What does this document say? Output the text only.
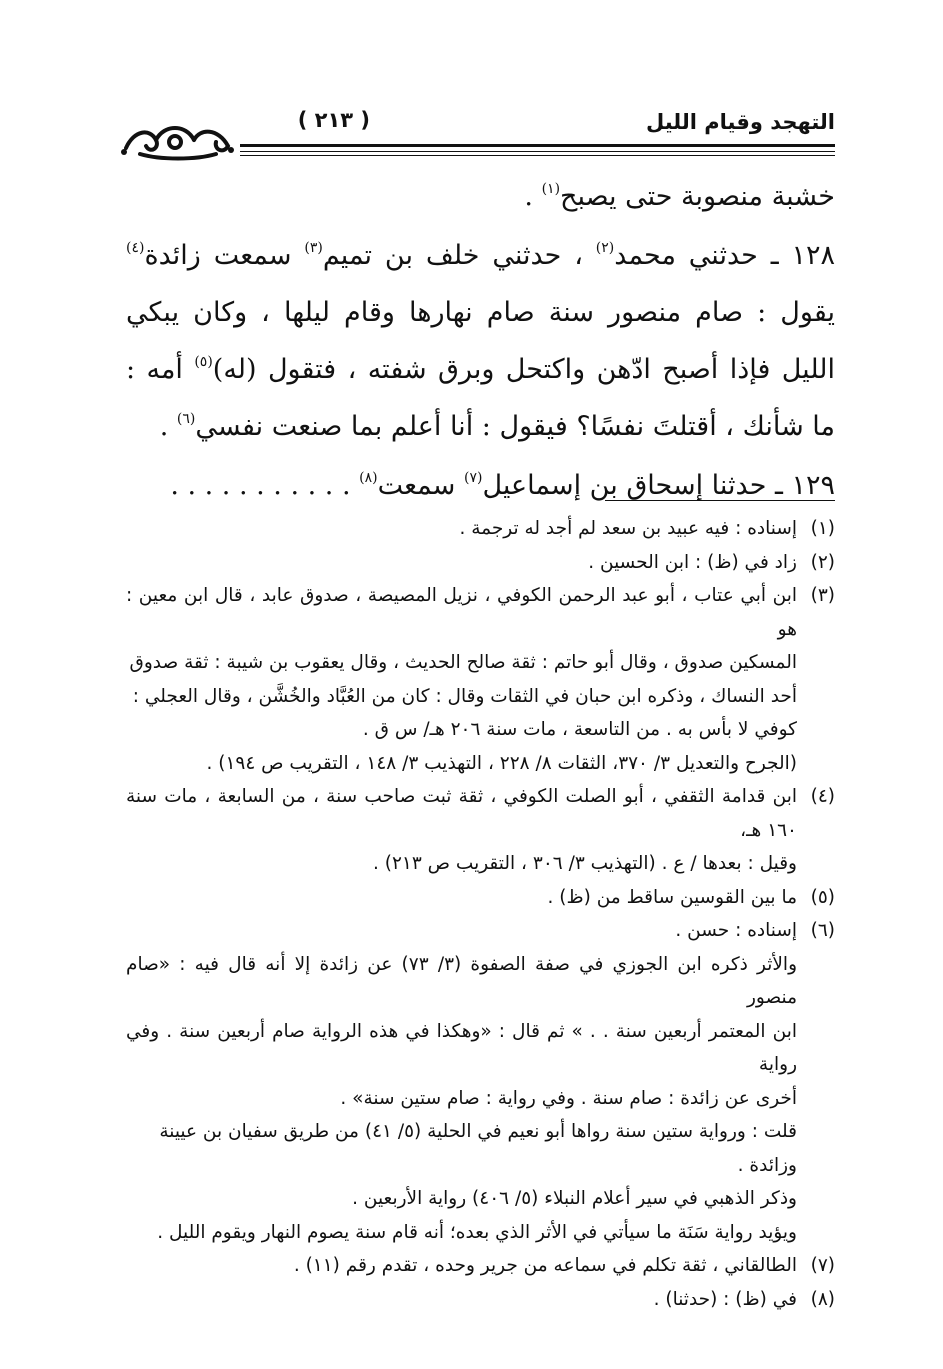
التهجد وقيام الليل
( ٢١٣ )

خشبة منصوبة حتى يصبح$^{(١)}$ .

١٢٨ ـ حدثني محمد$^{(٢)}$ ، حدثني خلف بن تميم$^{(٣)}$ سمعت زائدة$^{(٤)}$ يقول : صام منصور سنة صام نهارها وقام ليلها ، وكان يبكي الليل فإذا أصبح ادّهن واكتحل وبرق شفته ، فتقول (له)$^{(٥)}$ أمه : ما شأنك ، أقتلتَ نفسًا؟ فيقول : أنا أعلم بما صنعت نفسي$^{(٦)}$ .

١٢٩ ـ حدثنا إسحاق بن إسماعيل$^{(٧)}$ سمعت$^{(٨)}$ . . . . . . . . . . .

(١)
إسناده : فيه عبيد بن سعد لم أجد له ترجمة .
(٢)
زاد في (ظ) : ابن الحسين .
(٣)
ابن أبي عتاب ، أبو عبد الرحمن الكوفي ، نزيل المصيصة ، صدوق عابد ، قال ابن معين : هو
المسكين صدوق ، وقال أبو حاتم : ثقة صالح الحديث ، وقال يعقوب بن شيبة : ثقة صدوق
أحد النساك ، وذكره ابن حبان في الثقات وقال : كان من العُبَّاد والخُشَّن ، وقال العجلي :
كوفي لا بأس به . من التاسعة ، مات سنة ٢٠٦ هـ/ س ق .
(الجرح والتعديل ٣/ ٣٧٠، الثقات ٨/ ٢٢٨ ، التهذيب ٣/ ١٤٨ ، التقريب ص ١٩٤) .
(٤)
ابن قدامة الثقفي ، أبو الصلت الكوفي ، ثقة ثبت صاحب سنة ، من السابعة ، مات سنة ١٦٠ هـ،
وقيل : بعدها / ع . (التهذيب ٣/ ٣٠٦ ، التقريب ص ٢١٣) .
(٥)
ما بين القوسين ساقط من (ظ) .
(٦)
إسناده : حسن .
والأثر ذكره ابن الجوزي في صفة الصفوة (٣/ ٧٣) عن زائدة إلا أنه قال فيه : «صام منصور
ابن المعتمر أربعين سنة . . » ثم قال : «وهكذا في هذه الرواية صام أربعين سنة . وفي رواية
أخرى عن زائدة : صام سنة . وفي رواية : صام ستين سنة» .
قلت : ورواية ستين سنة رواها أبو نعيم في الحلية (٥/ ٤١) من طريق سفيان بن عيينة
وزائدة .
وذكر الذهبي في سير أعلام النبلاء (٥/ ٤٠٦) رواية الأربعين .
ويؤيد رواية سَنَة ما سيأتي في الأثر الذي بعده؛ أنه قام سنة يصوم النهار ويقوم الليل .
(٧)
الطالقاني ، ثقة تكلم في سماعه من جرير وحده ، تقدم رقم (١١) .
(٨)
في (ظ) : (حدثنا) .
